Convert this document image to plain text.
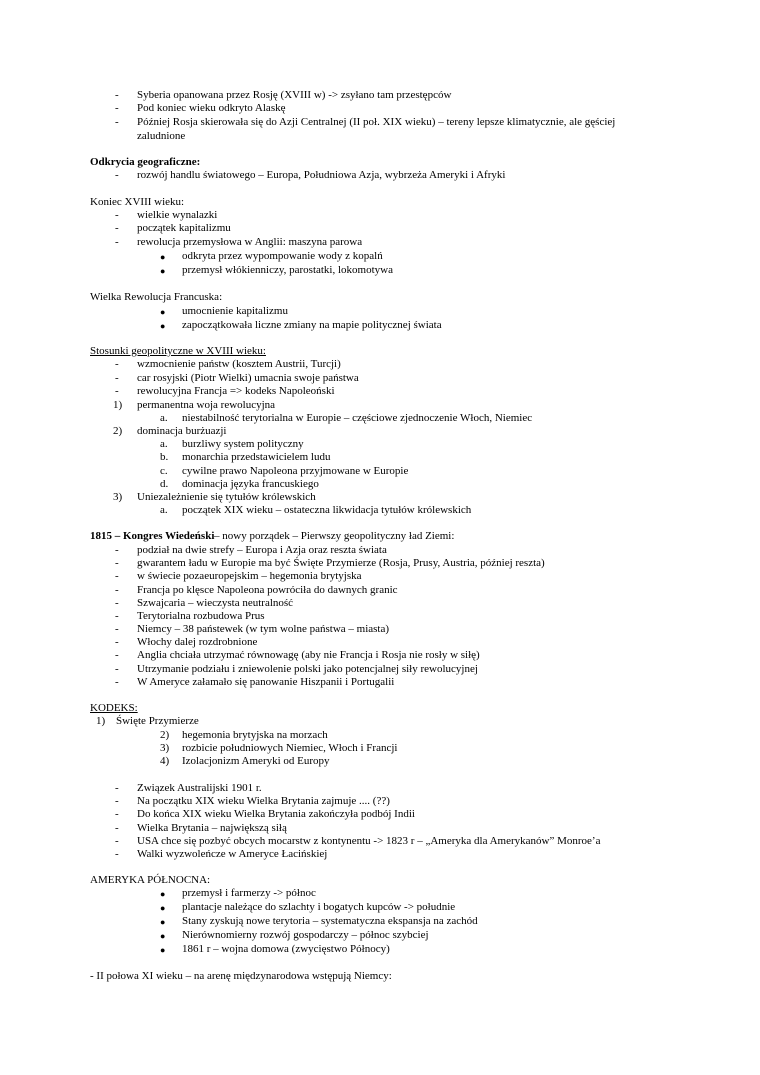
- Syberia opanowana przez Rosję (XVIII w) -> zsyłano tam przestępców
- Pod koniec wieku odkryto Alaskę
- Później Rosja skierowała się do Azji Centralnej (II poł. XIX wieku) – tereny lepsze klimatycznie, ale gęściej
zaludnione
Odkrycia geograficzne:
- rozwój handlu światowego – Europa, Południowa Azja, wybrzeża Ameryki i Afryki
Koniec XVIII wieku:
- wielkie wynalazki
- początek kapitalizmu
- rewolucja przemysłowa w Anglii: maszyna parowa
● odkryta przez wypompowanie wody z kopalń
● przemysł włókienniczy, parostatki, lokomotywa
Wielka Rewolucja Francuska:
● umocnienie kapitalizmu
● zapoczątkowała liczne zmiany na mapie politycznej świata
Stosunki geopolityczne w XVIII wieku:
- wzmocnienie państw (kosztem Austrii, Turcji)
- car rosyjski (Piotr Wielki) umacnia swoje państwa
- rewolucyjna Francja => kodeks Napoleoński
1) permanentna woja rewolucyjna
a. niestabilność terytorialna w Europie – częściowe zjednoczenie Włoch, Niemiec
2) dominacja burżuazji
a. burzliwy system polityczny
b. monarchia przedstawicielem ludu
c. cywilne prawo Napoleona przyjmowane w Europie
d. dominacja języka francuskiego
3) Uniezależnienie się tytułów królewskich
a. początek XIX wieku – ostateczna likwidacja tytułów królewskich
1815 – Kongres Wiedeński
- podział na dwie strefy – Europa i Azja oraz reszta świata
- gwarantem ładu w Europie ma być Święte Przymierze (Rosja, Prusy, Austria, później reszta)
- w świecie pozaeuropejskim – hegemonia brytyjska
- Francja po klęsce Napoleona powróciła do dawnych granic
- Szwajcaria – wieczysta neutralność
- Terytorialna rozbudowa Prus
- Niemcy – 38 państewek (w tym wolne państwa – miasta)
- Włochy dalej rozdrobnione
- Anglia chciała utrzymać równowagę (aby nie Francja i Rosja nie rosły w siłę)
- Utrzymanie podziału i zniewolenie polski jako potencjalnej siły rewolucyjnej
- W Ameryce załamało się panowanie Hiszpanii i Portugalii
KODEKS:
1) Święte Przymierze
2) hegemonia brytyjska na morzach
3) rozbicie południowych Niemiec, Włoch i Francji
4) Izolacjonizm Ameryki od Europy
- Związek Australijski 1901 r.
- Na początku XIX wieku Wielka Brytania zajmuje .... (??)
- Do końca XIX wieku Wielka Brytania zakończyła podbój Indii
- Wielka Brytania – największą siłą
- USA chce się pozbyć obcych mocarstw z kontynentu -> 1823 r – „Ameryka dla Amerykanów” Monroe’a
- Walki wyzwoleńcze w Ameryce Łacińskiej
AMERYKA PÓŁNOCNA:
● przemysł i farmerzy -> północ
● plantacje należące do szlachty i bogatych kupców -> południe
● Stany zyskują nowe terytoria – systematyczna ekspansja na zachód
● Nierównomierny rozwój gospodarczy – północ szybciej
● 1861 r – wojna domowa (zwycięstwo Północy)
- II połowa XI wieku – na arenę międzynarodowa wstępują Niemcy:
– nowy porządek – Pierwszy geopolityczny ład Ziemi:
